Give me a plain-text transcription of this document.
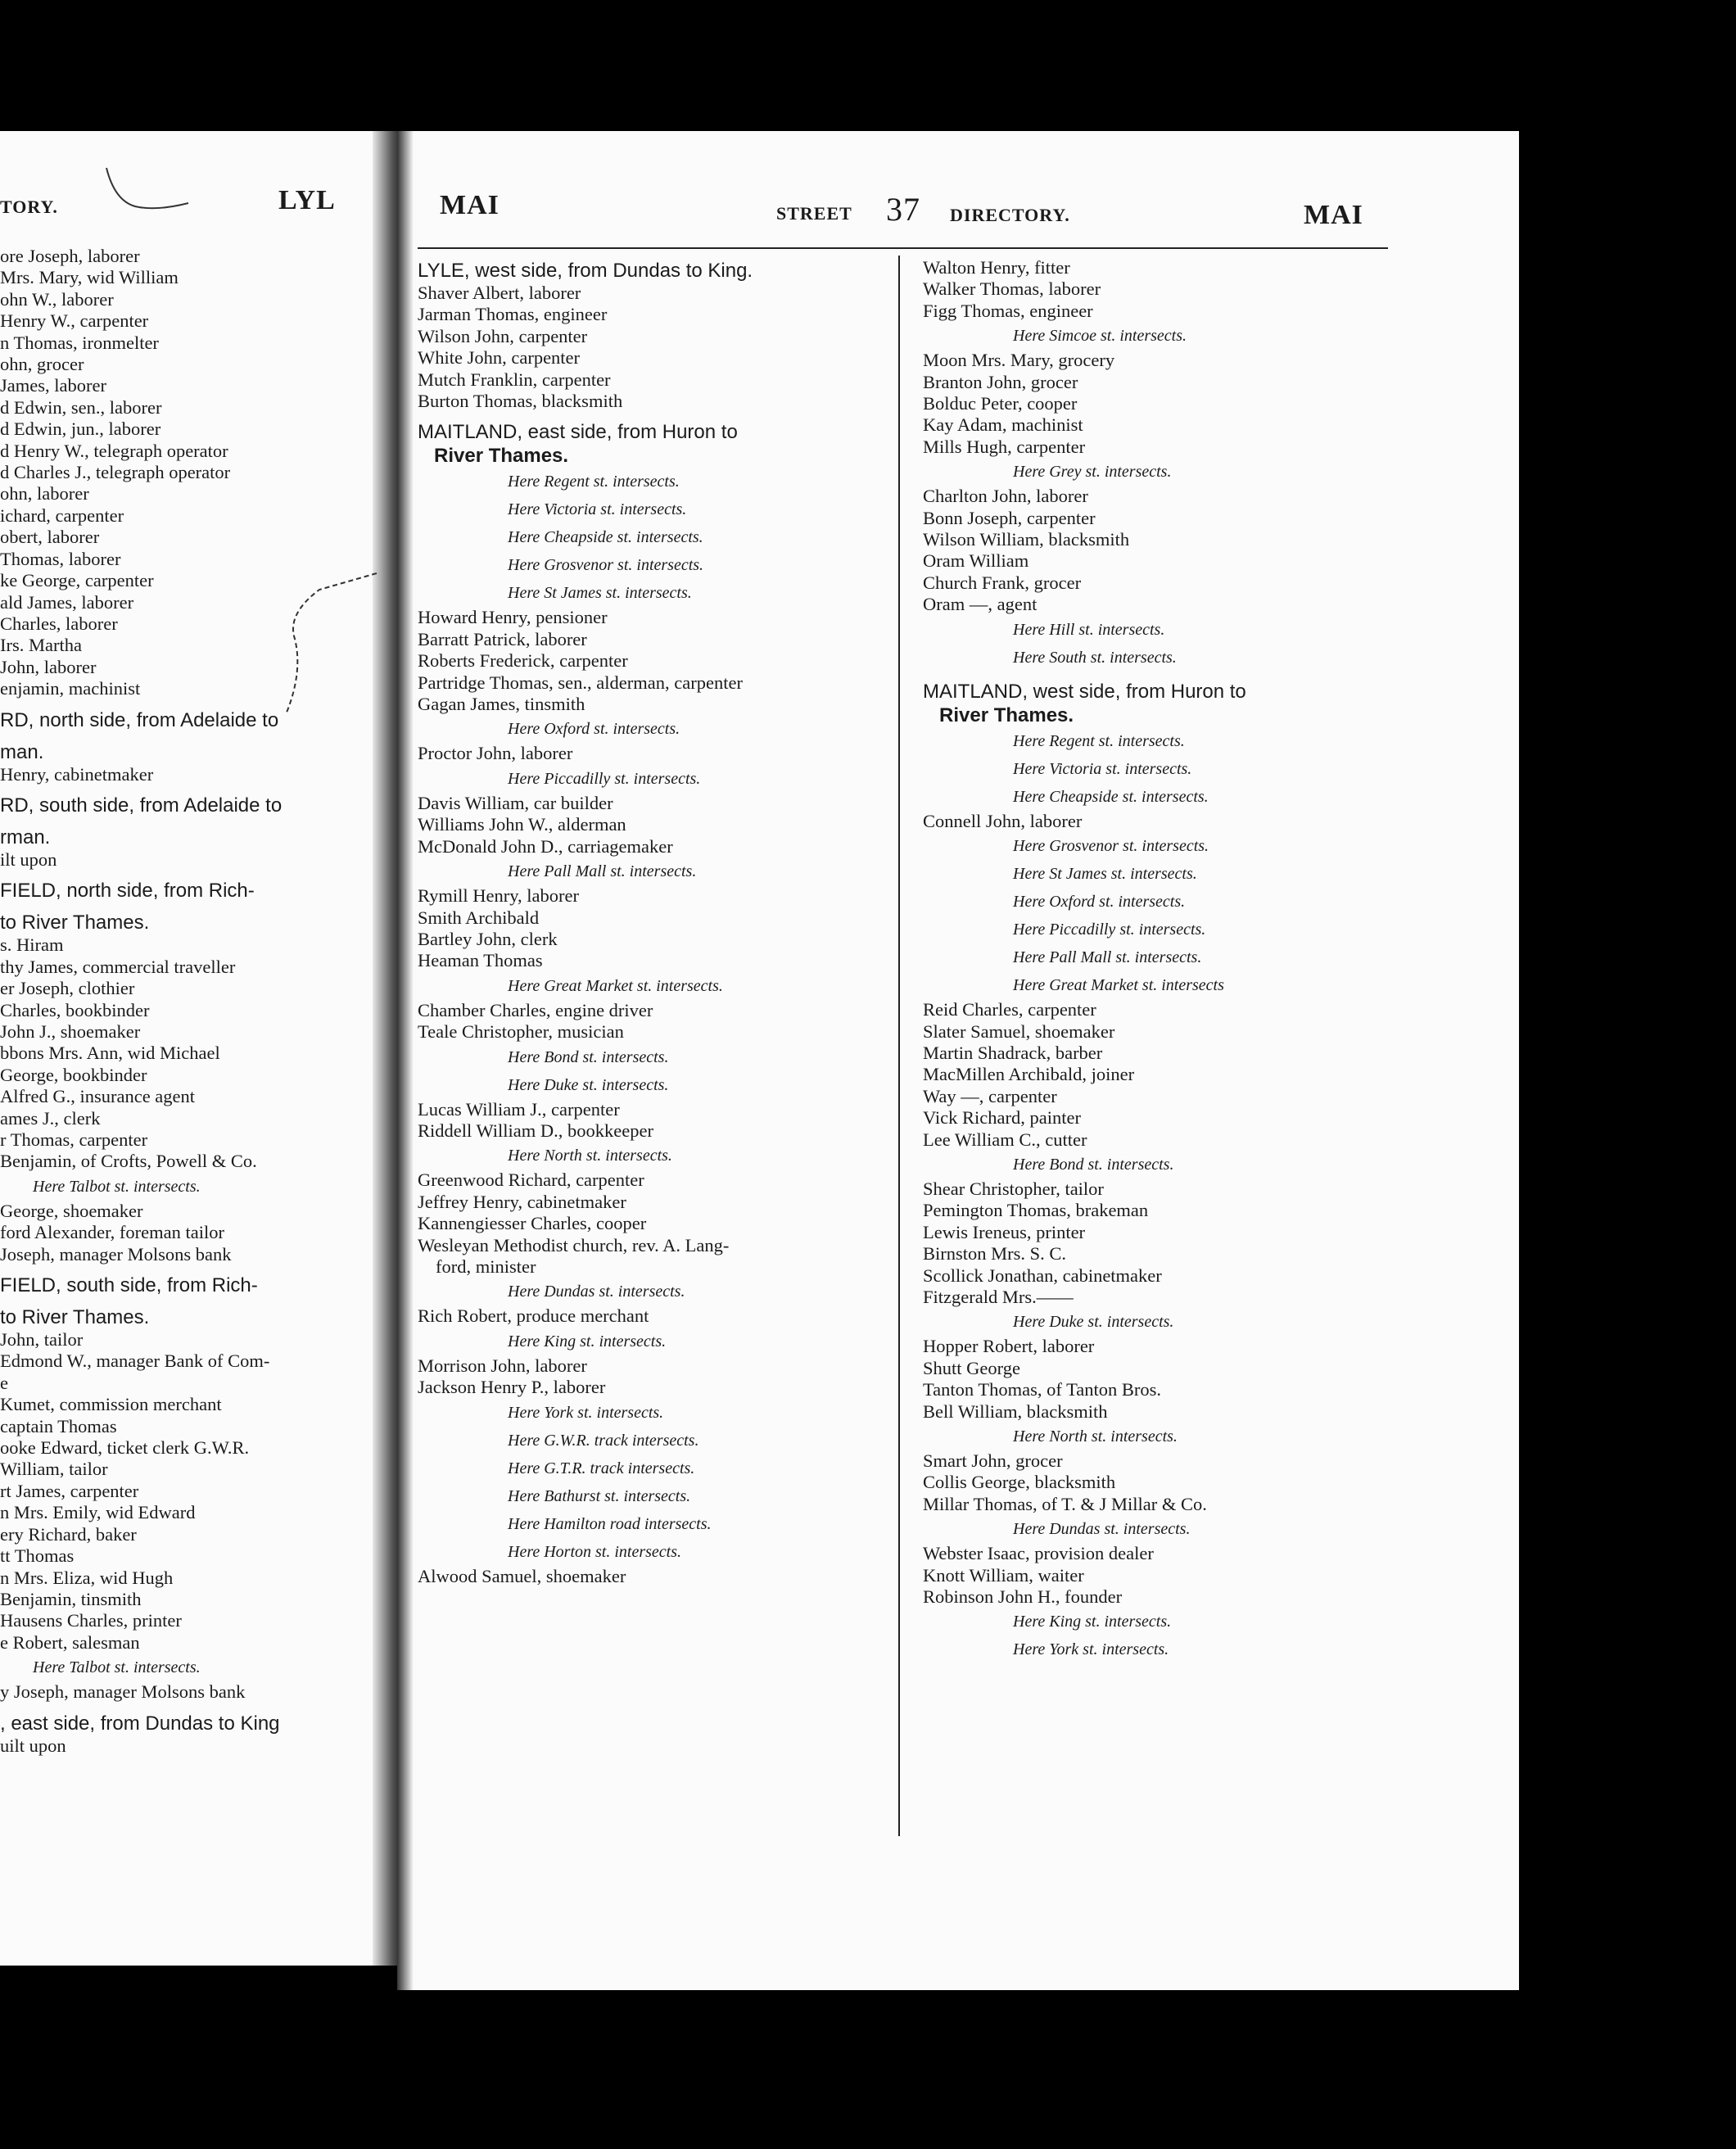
TORY.	LYL
ore Joseph, laborer
Mrs. Mary, wid William
ohn W., laborer
Henry W., carpenter
n Thomas, ironmelter
ohn, grocer
James, laborer
d Edwin, sen., laborer
d Edwin, jun., laborer
d Henry W., telegraph operator
d Charles J., telegraph operator
ohn, laborer
ichard, carpenter
obert, laborer
Thomas, laborer
ke George, carpenter
ald James, laborer
Charles, laborer
Irs. Martha
John, laborer
enjamin, machinist
RD, north side, from Adelaide to
man.
Henry, cabinetmaker
RD, south side, from Adelaide to
rman.
ilt upon
FIELD, north side, from Rich-
to River Thames.
s. Hiram
thy James, commercial traveller
er Joseph, clothier
Charles, bookbinder
John J., shoemaker
bbons Mrs. Ann, wid Michael
George, bookbinder
Alfred G., insurance agent
ames J., clerk
r Thomas, carpenter
Benjamin, of Crofts, Powell & Co.
Here Talbot st. intersects.
George, shoemaker
ford Alexander, foreman tailor
Joseph, manager Molsons bank
FIELD, south side, from Rich-
to River Thames.
John, tailor
Edmond W., manager Bank of Com-
e
Kumet, commission merchant
captain Thomas
ooke Edward, ticket clerk G.W.R.
William, tailor
rt James, carpenter
n Mrs. Emily, wid Edward
ery Richard, baker
tt Thomas
n Mrs. Eliza, wid Hugh
Benjamin, tinsmith
Hausens Charles, printer
e Robert, salesman
Here Talbot st. intersects.
y Joseph, manager Molsons bank
, east side, from Dundas to King
uilt upon
MAI	STREET 37 DIRECTORY.	MAI
LYLE, west side, from Dundas to King.
Shaver Albert, laborer
Jarman Thomas, engineer
Wilson John, carpenter
White John, carpenter
Mutch Franklin, carpenter
Burton Thomas, blacksmith
MAITLAND, east side, from Huron to
River Thames.
Here Regent st. intersects.
Here Victoria st. intersects.
Here Cheapside st. intersects.
Here Grosvenor st. intersects.
Here St James st. intersects.
Howard Henry, pensioner
Barratt Patrick, laborer
Roberts Frederick, carpenter
Partridge Thomas, sen., alderman, carpenter
Gagan James, tinsmith
Here Oxford st. intersects.
Proctor John, laborer
Here Piccadilly st. intersects.
Davis William, car builder
Williams John W., alderman
McDonald John D., carriagemaker
Here Pall Mall st. intersects.
Rymill Henry, laborer
Smith Archibald
Bartley John, clerk
Heaman Thomas
Here Great Market st. intersects.
Chamber Charles, engine driver
Teale Christopher, musician
Here Bond st. intersects.
Here Duke st. intersects.
Lucas William J., carpenter
Riddell William D., bookkeeper
Here North st. intersects.
Greenwood Richard, carpenter
Jeffrey Henry, cabinetmaker
Kannengiesser Charles, cooper
Wesleyan Methodist church, rev. A. Lang-
ford, minister
Here Dundas st. intersects.
Rich Robert, produce merchant
Here King st. intersects.
Morrison John, laborer
Jackson Henry P., laborer
Here York st. intersects.
Here G.W.R. track intersects.
Here G.T.R. track intersects.
Here Bathurst st. intersects.
Here Hamilton road intersects.
Here Horton st. intersects.
Alwood Samuel, shoemaker
Walton Henry, fitter
Walker Thomas, laborer
Figg Thomas, engineer
Here Simcoe st. intersects.
Moon Mrs. Mary, grocery
Branton John, grocer
Bolduc Peter, cooper
Kay Adam, machinist
Mills Hugh, carpenter
Here Grey st. intersects.
Charlton John, laborer
Bonn Joseph, carpenter
Wilson William, blacksmith
Oram William
Church Frank, grocer
Oram —, agent
Here Hill st. intersects.
Here South st. intersects.
MAITLAND, west side, from Huron to
River Thames.
Here Regent st. intersects.
Here Victoria st. intersects.
Here Cheapside st. intersects.
Connell John, laborer
Here Grosvenor st. intersects.
Here St James st. intersects.
Here Oxford st. intersects.
Here Piccadilly st. intersects.
Here Pall Mall st. intersects.
Here Great Market st. intersects
Reid Charles, carpenter
Slater Samuel, shoemaker
Martin Shadrack, barber
MacMillen Archibald, joiner
Way —, carpenter
Vick Richard, painter
Lee William C., cutter
Here Bond st. intersects.
Shear Christopher, tailor
Pemington Thomas, brakeman
Lewis Ireneus, printer
Birnston Mrs. S. C.
Scollick Jonathan, cabinetmaker
Fitzgerald Mrs.——
Here Duke st. intersects.
Hopper Robert, laborer
Shutt George
Tanton Thomas, of Tanton Bros.
Bell William, blacksmith
Here North st. intersects.
Smart John, grocer
Collis George, blacksmith
Millar Thomas, of T. & J Millar & Co.
Here Dundas st. intersects.
Webster Isaac, provision dealer
Knott William, waiter
Robinson John H., founder
Here King st. intersects.
Here York st. intersects.
